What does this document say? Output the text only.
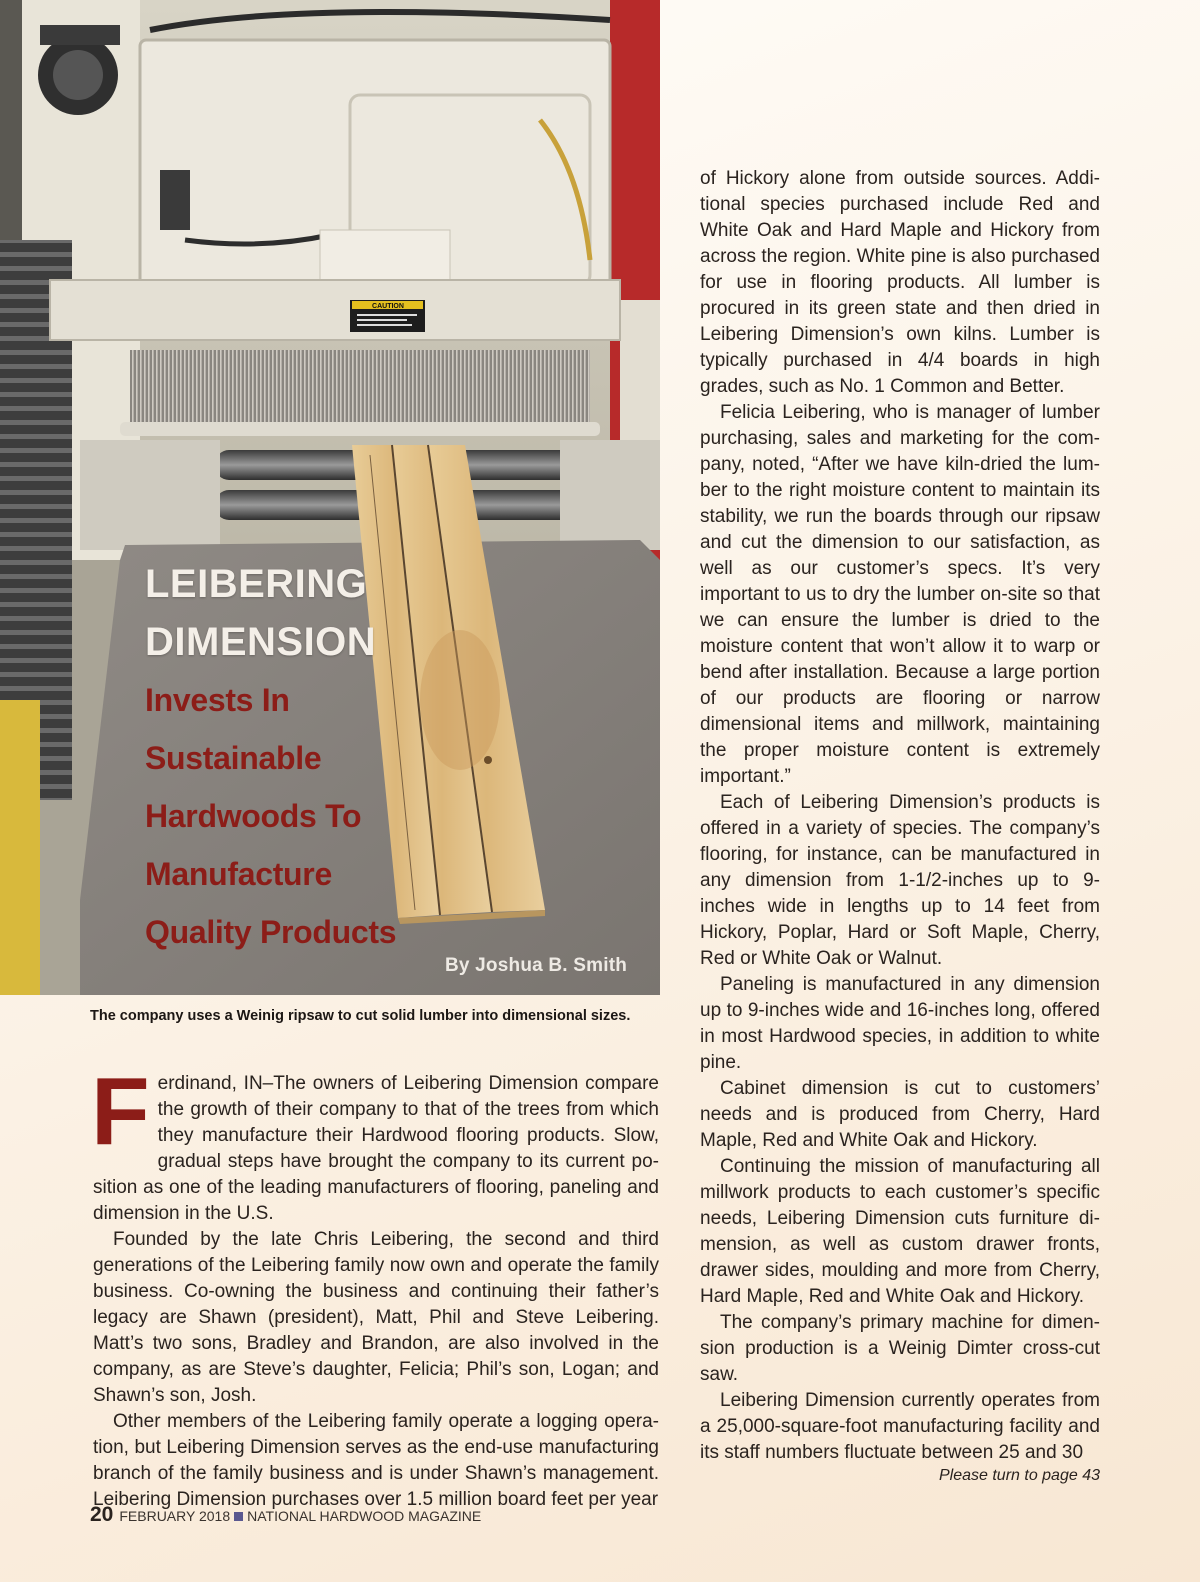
CAUTION
LEIBERING
DIMENSION
Invests In
Sustainable
Hardwoods To
Manufacture
Quality Products
By Joshua B. Smith
The company uses a Weinig ripsaw to cut solid lumber into dimensional sizes.

Ferdinand, IN–The owners of Leibering Dimension compare the growth of their company to that of the trees from which they manufacture their Hardwood flooring products. Slow, gradual steps have brought the company to its current position as one of the leading manufacturers of flooring, paneling and dimension in the U.S.

Founded by the late Chris Leibering, the second and third generations of the Leibering family now own and operate the family business. Co-owning the business and continuing their father’s legacy are Shawn (president), Matt, Phil and Steve Leibering. Matt’s two sons, Bradley and Brandon, are also involved in the company, as are Steve’s daughter, Felicia; Phil’s son, Logan; and Shawn’s son, Josh.

Other members of the Leibering family operate a logging operation, but Leibering Dimension serves as the end-use manufacturing branch of the family business and is under Shawn’s management. Leibering Dimension purchases over 1.5 million board feet per year

of Hickory alone from outside sources. Additional species purchased include Red and White Oak and Hard Maple and Hickory from across the region. White pine is also purchased for use in flooring products. All lumber is procured in its green state and then dried in Leibering Dimension’s own kilns. Lumber is typically purchased in 4/4 boards in high grades, such as No. 1 Common and Better.

Felicia Leibering, who is manager of lumber purchasing, sales and marketing for the company, noted, “After we have kiln-dried the lumber to the right moisture content to maintain its stability, we run the boards through our ripsaw and cut the dimension to our satisfaction, as well as our customer’s specs. It’s very important to us to dry the lumber on-site so that we can ensure the lumber is dried to the moisture content that won’t allow it to warp or bend after installation. Because a large portion of our products are flooring or narrow dimensional items and millwork, maintaining the proper moisture content is extremely important.”

Each of Leibering Dimension’s products is offered in a variety of species. The company’s flooring, for instance, can be manufactured in any dimension from 1-1/2-inches up to 9-inches wide in lengths up to 14 feet from Hickory, Poplar, Hard or Soft Maple, Cherry, Red or White Oak or Walnut.

Paneling is manufactured in any dimension up to 9-inches wide and 16-inches long, offered in most Hardwood species, in addition to white pine.

Cabinet dimension is cut to customers’ needs and is produced from Cherry, Hard Maple, Red and White Oak and Hickory.

Continuing the mission of manufacturing all millwork products to each customer’s specific needs, Leibering Dimension cuts furniture dimension, as well as custom drawer fronts, drawer sides, moulding and more from Cherry, Hard Maple, Red and White Oak and Hickory.

The company’s primary machine for dimension production is a Weinig Dimter cross-cut saw.

Leibering Dimension currently operates from a 25,000-square-foot manufacturing facility and its staff numbers fluctuate between 25 and 30

Please turn to page 43
20 FEBRUARY 2018 NATIONAL HARDWOOD MAGAZINE
